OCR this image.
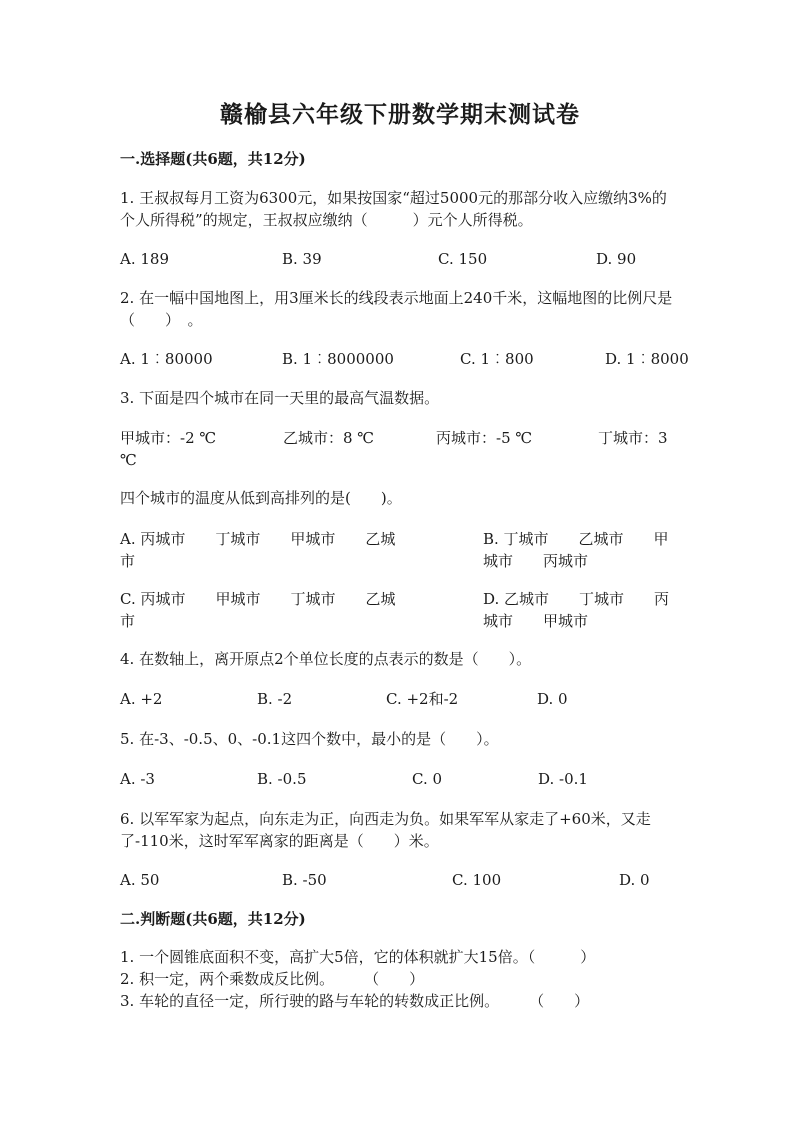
赣榆县六年级下册数学期末测试卷
一.选择题(共6题，共12分)
1. 王叔叔每月工资为6300元，如果按国家“超过5000元的那部分收入应缴纳3%的个人所得税”的规定，王叔叔应缴纳（　　　）元个人所得税。
A. 189	B. 39	C. 150	D. 90
2. 在一幅中国地图上，用3厘米长的线段表示地面上240千米，这幅地图的比例尺是（　　）　。
A. 1︰80000	B. 1︰8000000	C. 1︰800	D. 1︰8000
3. 下面是四个城市在同一天里的最高气温数据。
甲城市：-2 ℃	乙城市：8 ℃	丙城市：-5 ℃	丁城市：3
℃
四个城市的温度从低到高排列的是(　　)。
A. 丙城市　　丁城市　　甲城市　　乙城市
B. 丁城市　　乙城市　　甲城市　　丙城市
C. 丙城市　　甲城市　　丁城市　　乙城市
D. 乙城市　　丁城市　　丙城市　　甲城市
4. 在数轴上，离开原点2个单位长度的点表示的数是（　　）。
A. +2	B. -2	C. +2和-2	D. 0
5. 在-3、-0.5、0、-0.1这四个数中，最小的是（　　）。
A. -3	B. -0.5	C. 0	D. -0.1
6. 以军军家为起点，向东走为正，向西走为负。如果军军从家走了+60米，又走了-110米，这时军军离家的距离是（　　）米。
A. 50	B. -50	C. 100	D. 0
二.判断题(共6题，共12分)
1. 一个圆锥底面积不变，高扩大5倍，它的体积就扩大15倍。（　　　）
2. 积一定，两个乘数成反比例。　　　（　　）
3. 车轮的直径一定，所行驶的路与车轮的转数成正比例。　　　（　　）
